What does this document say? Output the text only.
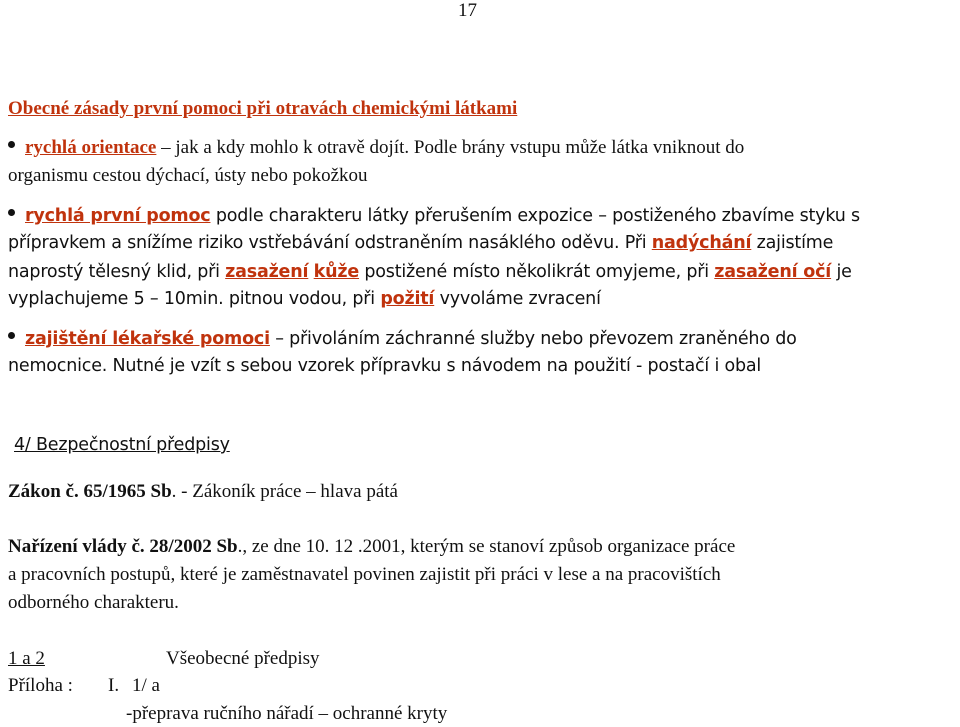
17
Obecné zásady první pomoci při otravách chemickými látkami
rychlá orientace – jak a kdy mohlo k otravě dojít. Podle brány vstupu může látka vniknout do
organismu cestou dýchací, ústy nebo pokožkou
rychlá první pomoc podle charakteru látky přerušením expozice – postiženého zbavíme styku s
přípravkem a snížíme riziko vstřebávání odstraněním nasáklého oděvu. Při nadýchání zajistíme
naprostý tělesný klid, při zasažení kůže postižené místo několikrát omyjeme, při zasažení očí je
vyplachujeme 5 – 10min. pitnou vodou, při požití vyvoláme zvracení
zajištění lékařské pomoci – přivoláním záchranné služby nebo převozem zraněného do
nemocnice. Nutné je vzít s sebou vzorek přípravku s návodem na použití - postačí i obal
4/ Bezpečnostní předpisy
Zákon č. 65/1965 Sb. - Zákoník práce – hlava pátá
Nařízení vlády č. 28/2002 Sb., ze dne 10. 12 .2001, kterým se stanoví způsob organizace práce
a pracovních postupů, které je zaměstnavatel povinen zajistit při práci v lese a na pracovištích
odborného charakteru.
1 a 2	Všeobecné předpisy
Příloha : I. 1/ a
-přeprava ručního nářadí – ochranné kryty
